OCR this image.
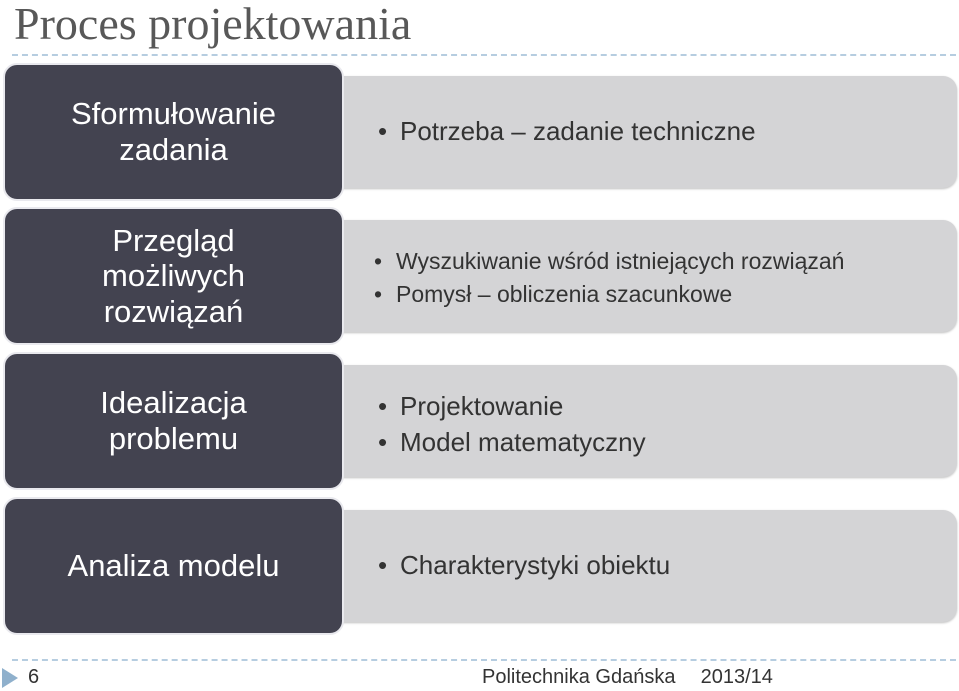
Proces projektowania
Sformułowanie
zadania
• Potrzeba – zadanie techniczne
Przegląd
możliwych
rozwiązań
• Wyszukiwanie wśród istniejących rozwiązań
• Pomysł – obliczenia szacunkowe
Idealizacja
problemu
• Projektowanie
• Model matematyczny
Analiza modelu
•	Charakterystyki obiektu
6	Politechnika Gdańska 2013/14
